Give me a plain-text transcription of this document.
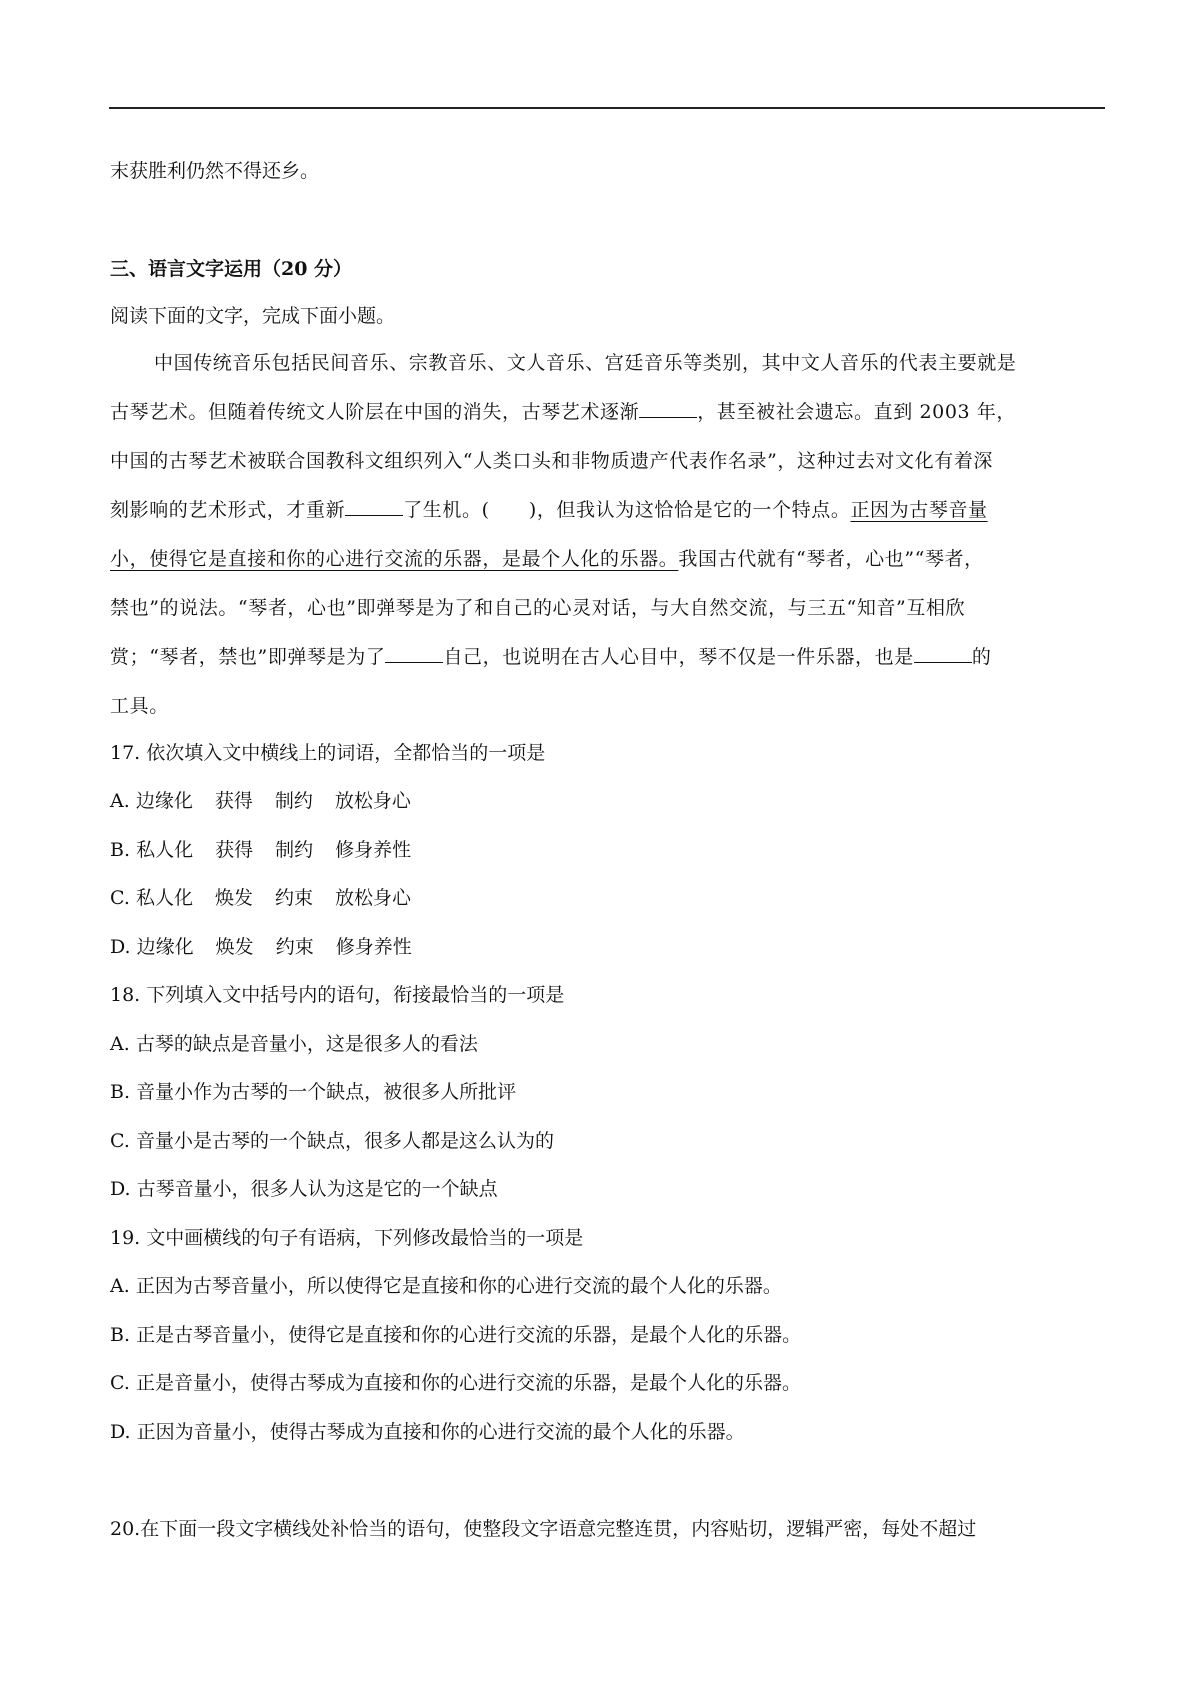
末获胜利仍然不得还乡。
三、语言文字运用（20 分）
阅读下面的文字，完成下面小题。
中国传统音乐包括民间音乐、宗教音乐、文人音乐、宫廷音乐等类别，其中文人音乐的代表主要就是
古琴艺术。但随着传统文人阶层在中国的消失，古琴艺术逐渐	，甚至被社会遗忘。直到 2003 年，
中国的古琴艺术被联合国教科文组织列入“人类口头和非物质遗产代表作名录”，这种过去对文化有着深
刻影响的艺术形式，才重新	了生机。(　　)，但我认为这恰恰是它的一个特点。正因为古琴音量
小，使得它是直接和你的心进行交流的乐器，是最个人化的乐器。我国古代就有“琴者，心也”“琴者，
禁也”的说法。“琴者，心也”即弹琴是为了和自己的心灵对话，与大自然交流，与三五“知音”互相欣
赏；“琴者，禁也”即弹琴是为了	自己，也说明在古人心目中，琴不仅是一件乐器，也是	的
工具。
17. 依次填入文中横线上的词语，全都恰当的一项是
A. 边缘化 获得 制约 放松身心
B. 私人化 获得 制约 修身养性
C. 私人化 焕发 约束 放松身心
D. 边缘化 焕发 约束 修身养性
18. 下列填入文中括号内的语句，衔接最恰当的一项是
A. 古琴的缺点是音量小，这是很多人的看法
B. 音量小作为古琴的一个缺点，被很多人所批评
C. 音量小是古琴的一个缺点，很多人都是这么认为的
D. 古琴音量小，很多人认为这是它的一个缺点
19. 文中画横线的句子有语病，下列修改最恰当的一项是
A. 正因为古琴音量小，所以使得它是直接和你的心进行交流的最个人化的乐器。
B. 正是古琴音量小，使得它是直接和你的心进行交流的乐器，是最个人化的乐器。
C. 正是音量小，使得古琴成为直接和你的心进行交流的乐器，是最个人化的乐器。
D. 正因为音量小，使得古琴成为直接和你的心进行交流的最个人化的乐器。
20.在下面一段文字横线处补恰当的语句，使整段文字语意完整连贯，内容贴切，逻辑严密，每处不超过
